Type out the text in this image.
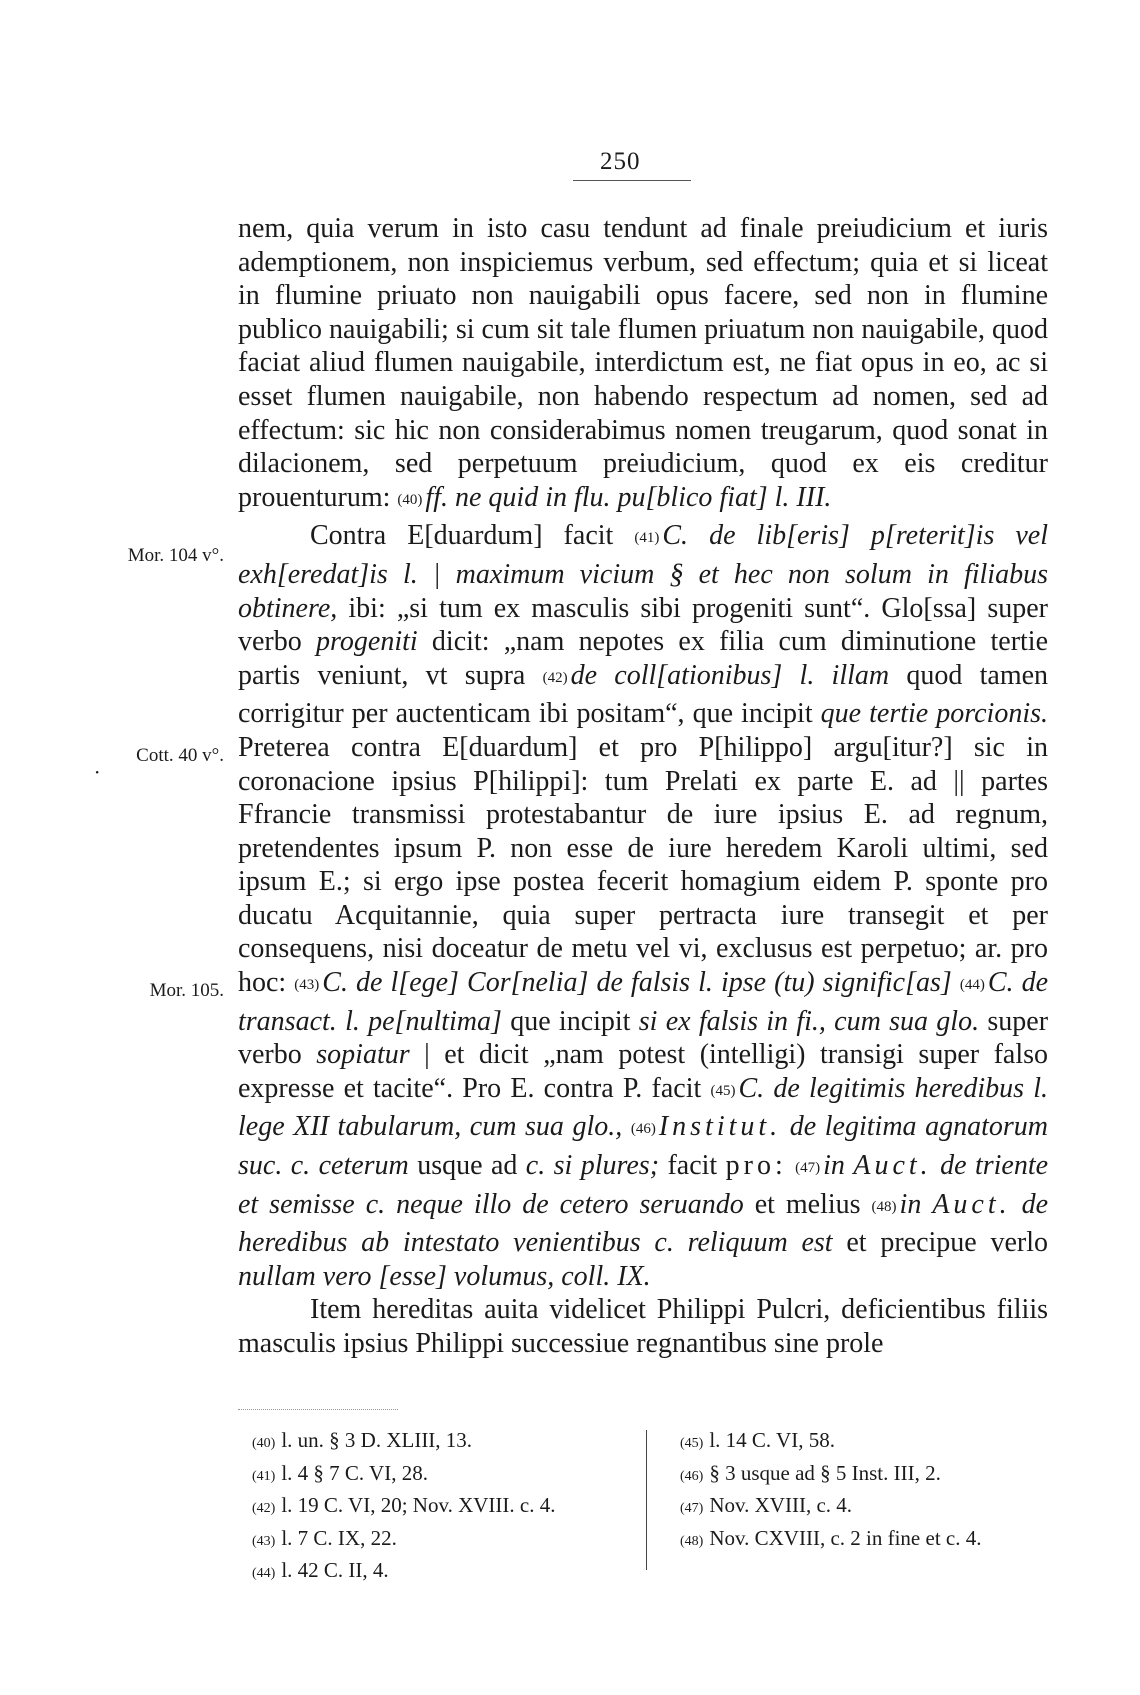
250
Mor. 104 v°.
·
Cott. 40 v°.
Mor. 105.

nem, quia verum in isto casu tendunt ad finale preiudicium et iuris ademptionem, non inspiciemus verbum, sed effectum; quia et si liceat in flumine priuato non nauigabili opus facere, sed non in flumine publico nauigabili; si cum sit tale flumen priuatum non nauigabile, quod faciat aliud flumen nauigabile, interdictum est, ne fiat opus in eo, ac si esset flumen nauigabile, non habendo respectum ad nomen, sed ad effectum: sic hic non considerabimus nomen treugarum, quod sonat in dilacionem, sed perpetuum preiudicium, quod ex eis creditur prouenturum: (40) ff. ne quid in flu. pu[blico fiat] l. III.

Contra E[duardum] facit (41) C. de lib[eris] p[reterit]is vel exh[eredat]is l. | maximum vicium § et hec non solum in filiabus obtinere, ibi: „si tum ex masculis sibi progeniti sunt“. Glo[ssa] super verbo progeniti dicit: „nam nepotes ex filia cum diminutione tertie partis veniunt, vt supra (42) de coll[ationibus] l. illam quod tamen corrigitur per auctenticam ibi positam“, que incipit que tertie porcionis. Preterea contra E[duardum] et pro P[hilippo] argu[itur?] sic in coronacione ipsius P[hilippi]: tum Prelati ex parte E. ad || partes Ffrancie transmissi protestabantur de iure ipsius E. ad regnum, pretendentes ipsum P. non esse de iure heredem Karoli ultimi, sed ipsum E.; si ergo ipse postea fecerit homagium eidem P. sponte pro ducatu Acquitannie, quia super pertracta iure transegit et per consequens, nisi doceatur de metu vel vi, exclusus est perpetuo; ar. pro hoc: (43) C. de l[ege] Cor[nelia] de falsis l. ipse (tu) signific[as] (44) C. de transact. l. pe[nultima] que incipit si ex falsis in fi., cum sua glo. super verbo sopiatur | et dicit „nam potest (intelligi) transigi super falso expresse et tacite“. Pro E. contra P. facit (45) C. de legitimis heredibus l. lege XII tabularum, cum sua glo., (46) Institut. de legitima agnatorum suc. c. ceterum usque ad c. si plures; facit pro: (47) in Auct. de triente et semisse c. neque illo de cetero seruando et melius (48) in Auct. de heredibus ab intestato venientibus c. reliquum est et precipue verlo nullam vero [esse] volumus, coll. IX.

Item hereditas auita videlicet Philippi Pulcri, deficientibus filiis masculis ipsius Philippi successiue regnantibus sine prole

(40) l. un. § 3 D. XLIII, 13.
(41) l. 4 § 7 C. VI, 28.
(42) l. 19 C. VI, 20; Nov. XVIII. c. 4.
(43) l. 7 C. IX, 22.
(44) l. 42 C. II, 4.
(45) l. 14 C. VI, 58.
(46) § 3 usque ad § 5 Inst. III, 2.
(47) Nov. XVIII, c. 4.
(48) Nov. CXVIII, c. 2 in fine et c. 4.
